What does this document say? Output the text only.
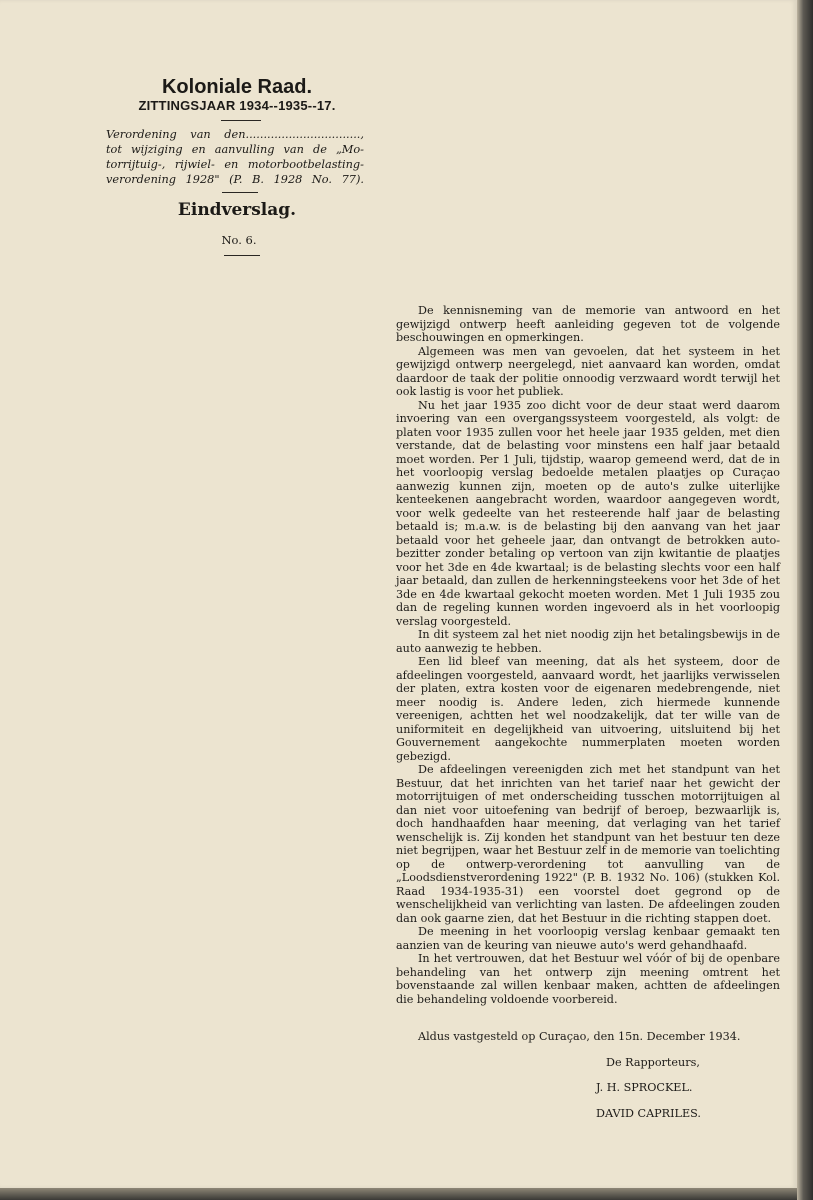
Koloniale Raad.
ZITTINGSJAAR 1934--1935--17.
Verordening van den................................,
tot wijziging en aanvulling van de „Mo-
torrijtuig-, rijwiel- en motorbootbelasting-
verordening 1928" (P. B. 1928 No. 77).
Eindverslag.
No. 6.

De kennisneming van de memorie van antwoord en het gewijzigd ontwerp heeft aanleiding gegeven tot de volgende beschouwingen en opmerkingen.

Algemeen was men van gevoelen, dat het systeem in het gewijzigd ontwerp neergelegd, niet aanvaard kan worden, omdat daardoor de taak der politie onnoodig verzwaard wordt terwijl het ook lastig is voor het publiek.

Nu het jaar 1935 zoo dicht voor de deur staat werd daarom invoering van een overgangssysteem voorgesteld, als volgt: de platen voor 1935 zullen voor het heele jaar 1935 gelden, met dien verstande, dat de belasting voor minstens een half jaar betaald moet worden. Per 1 Juli, tijdstip, waarop gemeend werd, dat de in het voorloopig verslag bedoelde metalen plaatjes op Curaçao aanwezig kunnen zijn, moeten op de auto's zulke uiterlijke kenteekenen aangebracht worden, waardoor aangegeven wordt, voor welk gedeelte van het resteerende half jaar de belasting betaald is; m.a.w. is de belasting bij den aanvang van het jaar betaald voor het geheele jaar, dan ontvangt de betrokken auto-bezitter zonder betaling op vertoon van zijn kwitantie de plaatjes voor het 3de en 4de kwartaal; is de belasting slechts voor een half jaar betaald, dan zullen de herkenningsteekens voor het 3de of het 3de en 4de kwartaal gekocht moeten worden. Met 1 Juli 1935 zou dan de regeling kunnen worden ingevoerd als in het voorloopig verslag voorgesteld.

In dit systeem zal het niet noodig zijn het betalingsbewijs in de auto aanwezig te hebben.

Een lid bleef van meening, dat als het systeem, door de afdeelingen voorgesteld, aanvaard wordt, het jaarlijks verwisselen der platen, extra kosten voor de eigenaren medebrengende, niet meer noodig is. Andere leden, zich hiermede kunnende vereenigen, achtten het wel noodzakelijk, dat ter wille van de uniformiteit en degelijkheid van uitvoering, uitsluitend bij het Gouvernement aangekochte nummerplaten moeten worden gebezigd.

De afdeelingen vereenigden zich met het standpunt van het Bestuur, dat het inrichten van het tarief naar het gewicht der motorrijtuigen of met onderscheiding tusschen motorrijtuigen al dan niet voor uitoefening van bedrijf of beroep, bezwaarlijk is, doch handhaafden haar meening, dat verlaging van het tarief wenschelijk is. Zij konden het standpunt van het bestuur ten deze niet begrijpen, waar het Bestuur zelf in de memorie van toelichting op de ontwerp-verordening tot aanvulling van de „Loodsdienstverordening 1922" (P. B. 1932 No. 106) (stukken Kol. Raad 1934-1935-31) een voorstel doet gegrond op de wenschelijkheid van verlichting van lasten. De afdeelingen zouden dan ook gaarne zien, dat het Bestuur in die richting stappen doet.

De meening in het voorloopig verslag kenbaar gemaakt ten aanzien van de keuring van nieuwe auto's werd gehandhaafd.

In het vertrouwen, dat het Bestuur wel vóór of bij de openbare behandeling van het ontwerp zijn meening omtrent het bovenstaande zal willen kenbaar maken, achtten de afdeelingen die behandeling voldoende voorbereid.

Aldus vastgesteld op Curaçao, den 15n. December 1934.
De Rapporteurs,
J. H. SPROCKEL.
DAVID CAPRILES.
